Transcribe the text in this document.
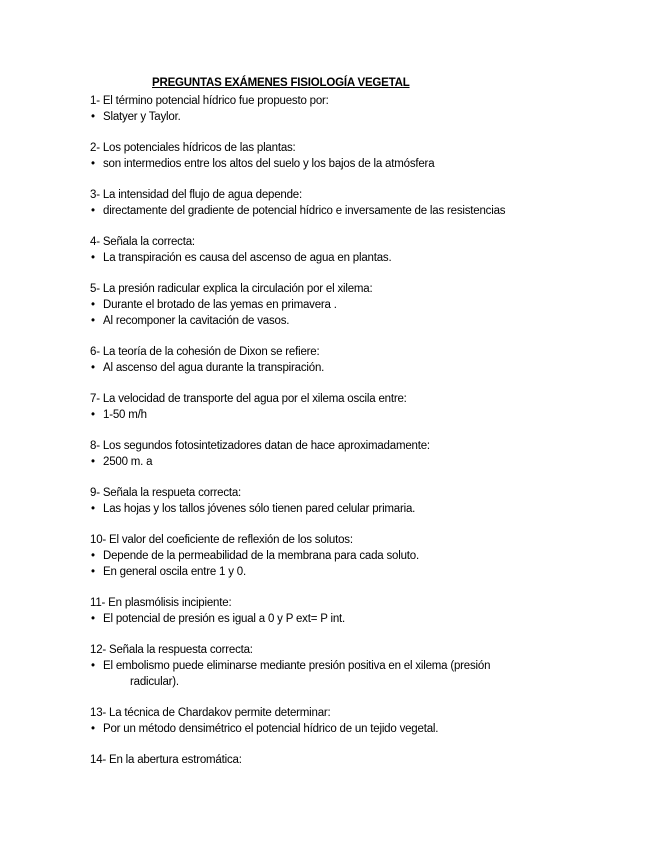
PREGUNTAS EXÁMENES FISIOLOGÍA VEGETAL
1- El término potencial hídrico fue propuesto por:
• Slatyer y Taylor.
2- Los potenciales hídricos de las plantas:
• son intermedios entre los altos del suelo y los bajos de la atmósfera
3- La intensidad del flujo de agua depende:
• directamente del gradiente de potencial hídrico e inversamente de las resistencias
4- Señala la correcta:
• La transpiración es causa del ascenso de agua en plantas.
5- La presión radicular explica la circulación por el xilema:
• Durante el brotado de las yemas en primavera .
• Al recomponer la cavitación de vasos.
6- La teoría de la cohesión de Dixon se refiere:
• Al ascenso del agua durante la transpiración.
7- La velocidad de transporte del agua por el xilema oscila entre:
• 1-50 m/h
8- Los segundos fotosintetizadores datan de hace aproximadamente:
• 2500 m. a
9- Señala la respueta correcta:
• Las hojas y los tallos jóvenes sólo tienen pared celular primaria.
10- El valor del coeficiente de reflexión de los solutos:
• Depende de la permeabilidad de la membrana para cada soluto.
• En general oscila entre 1 y 0.
11- En plasmólisis incipiente:
• El potencial de presión es igual a 0 y P ext= P int.
12- Señala la respuesta correcta:
• El embolismo puede eliminarse mediante presión positiva en el xilema (presión
radicular).
13- La técnica de Chardakov permite determinar:
• Por un método densimétrico el potencial hídrico de un tejido vegetal.
14- En la abertura estromática:
